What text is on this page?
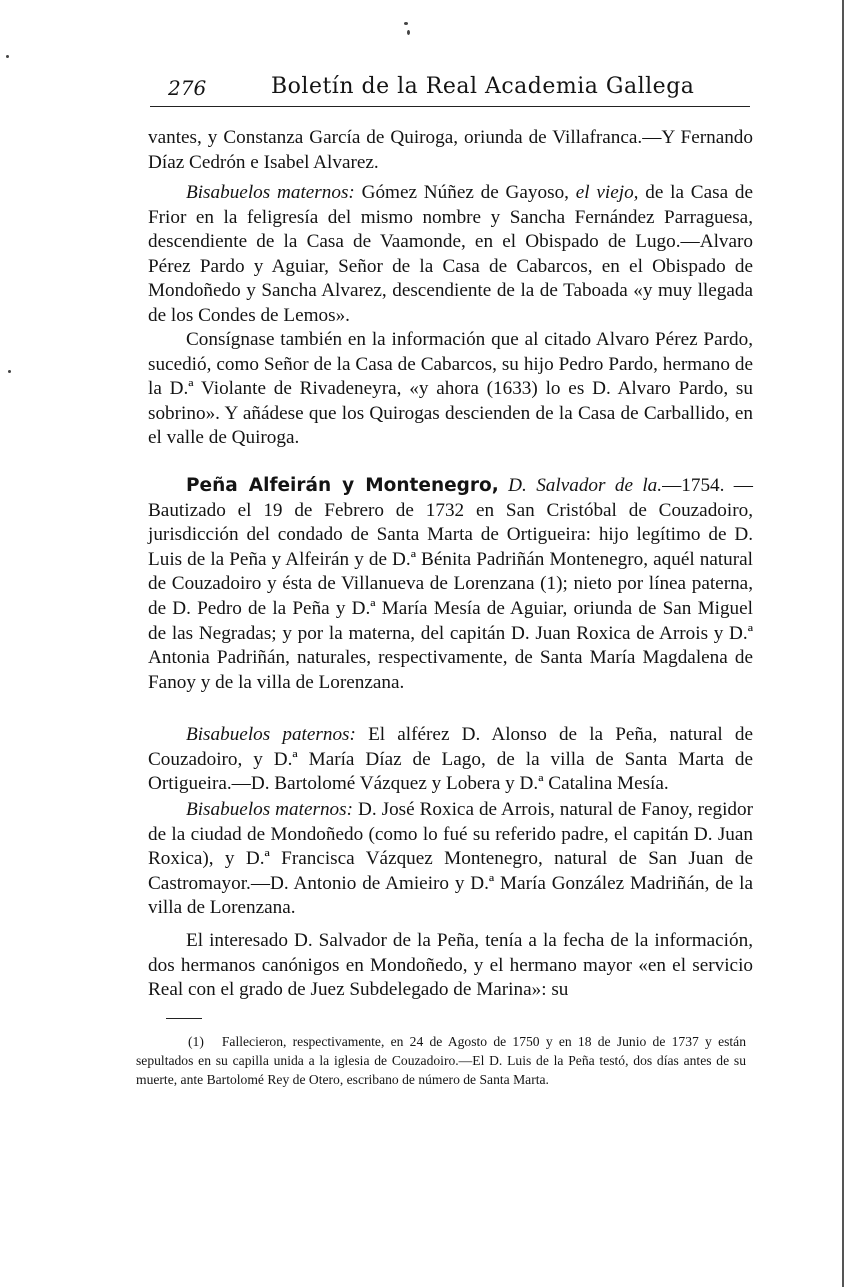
276	Boletín de la Real Academia Gallega

vantes, y Constanza García de Quiroga, oriunda de Villafranca.—Y Fernando Díaz Cedrón e Isabel Alvarez.

Bisabuelos maternos: Gómez Núñez de Gayoso, el viejo, de la Casa de Frior en la feligresía del mismo nombre y Sancha Fernández Parraguesa, descendiente de la Casa de Vaamonde, en el Obispado de Lugo.—Alvaro Pérez Pardo y Aguiar, Señor de la Casa de Cabarcos, en el Obispado de Mondoñedo y Sancha Alvarez, descendiente de la de Taboada «y muy llegada de los Condes de Lemos».

Consígnase también en la información que al citado Alvaro Pérez Pardo, sucedió, como Señor de la Casa de Cabarcos, su hijo Pedro Pardo, hermano de la D.ª Violante de Rivadeneyra, «y ahora (1633) lo es D. Alvaro Pardo, su sobrino». Y añádese que los Quirogas descienden de la Casa de Carballido, en el valle de Quiroga.

Peña Alfeirán y Montenegro, D. Salvador de la.—1754. —Bautizado el 19 de Febrero de 1732 en San Cristóbal de Couzadoiro, jurisdicción del condado de Santa Marta de Ortigueira: hijo legítimo de D. Luis de la Peña y Alfeirán y de D.ª Bénita Padriñán Montenegro, aquél natural de Couzadoiro y ésta de Villanueva de Lorenzana (1); nieto por línea paterna, de D. Pedro de la Peña y D.ª María Mesía de Aguiar, oriunda de San Miguel de las Negradas; y por la materna, del capitán D. Juan Roxica de Arrois y D.ª Antonia Padriñán, naturales, respectivamente, de Santa María Magdalena de Fanoy y de la villa de Lorenzana.

Bisabuelos paternos: El alférez D. Alonso de la Peña, natural de Couzadoiro, y D.ª María Díaz de Lago, de la villa de Santa Marta de Ortigueira.—D. Bartolomé Vázquez y Lobera y D.ª Catalina Mesía.

Bisabuelos maternos: D. José Roxica de Arrois, natural de Fanoy, regidor de la ciudad de Mondoñedo (como lo fué su referido padre, el capitán D. Juan Roxica), y D.ª Francisca Vázquez Montenegro, natural de San Juan de Castromayor.—D. Antonio de Amieiro y D.ª María González Madriñán, de la villa de Lorenzana.

El interesado D. Salvador de la Peña, tenía a la fecha de la información, dos hermanos canónigos en Mondoñedo, y el hermano mayor «en el servicio Real con el grado de Juez Subdelegado de Marina»: su

(1) Fallecieron, respectivamente, en 24 de Agosto de 1750 y en 18 de Junio de 1737 y están sepultados en su capilla unida a la iglesia de Couzadoiro.—El D. Luis de la Peña testó, dos días antes de su muerte, ante Bartolomé Rey de Otero, escribano de número de Santa Marta.
